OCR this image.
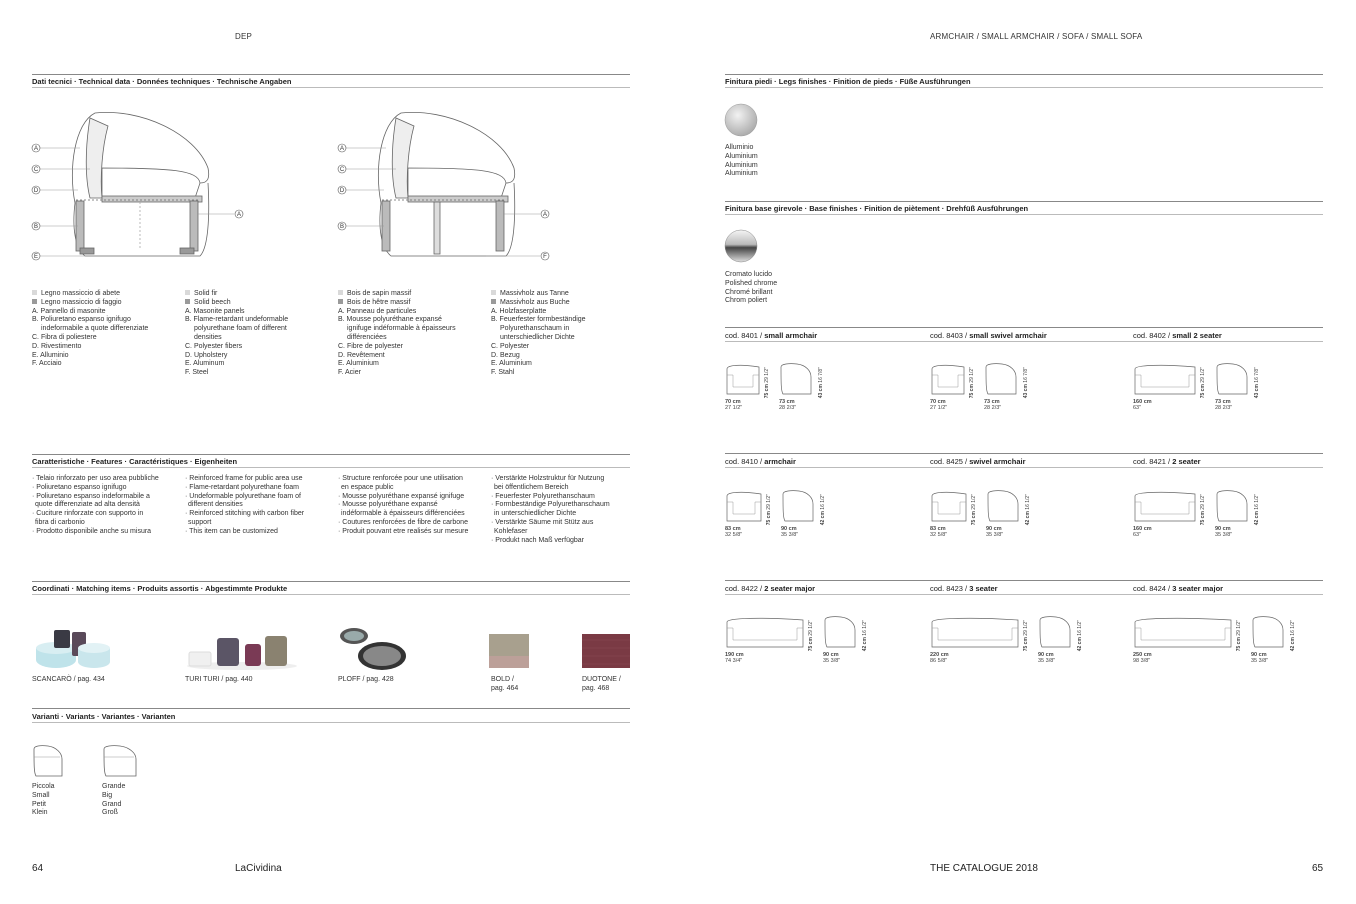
DEP	ARMCHAIR / SMALL ARMCHAIR / SOFA / SMALL SOFA
Dati tecnici · Technical data · Données techniques · Technische Angaben
A
C
D
B
E
A
A
C
D
B
A
F
Legno massiccio di abete
Legno massiccio di faggio
A. Pannello di masonite
B. Poliuretano espanso ignifugo
indeformabile a quote differenziate
C. Fibra di poliestere
D. Rivestimento
E. Alluminio
F. Acciaio
Solid fir
Solid beech
A. Masonite panels
B. Flame-retardant undeformable
polyurethane foam of different
densities
C. Polyester fibers
D. Upholstery
E. Aluminum
F. Steel
Bois de sapin massif
Bois de hêtre massif
A. Panneau de particules
B. Mousse polyuréthane expansé
ignifuge indéformable à épaisseurs
différenciées
C. Fibre de polyester
D. Revêtement
E. Aluminium
F. Acier
Massivholz aus Tanne
Massivholz aus Buche
A. Holzfaserplatte
B. Feuerfester formbeständige
Polyurethanschaum in
unterschiedlicher Dichte
C. Polyester
D. Bezug
E. Aluminium
F. Stahl
Caratteristiche · Features · Caractéristiques · Eigenheiten
· Telaio rinforzato per uso area pubbliche
· Poliuretano espanso ignifugo
· Poliuretano espanso indeformabile a
quote differenziate ad alta densità
· Cuciture rinforzate con supporto in
fibra di carbonio
· Prodotto disponibile anche su misura
· Reinforced frame for public area use
· Flame-retardant polyurethane foam
· Undeformable polyurethane foam of
different densities
· Reinforced stitching with carbon fiber
support
· This item can be customized
· Structure renforcée pour une utilisation
en espace public
· Mousse polyuréthane expansé ignifuge
· Mousse polyuréthane expansé
indéformable à épaisseurs différenciées
· Coutures renforcées de fibre de carbone
· Produit pouvant etre realisés sur mesure
· Verstärkte Holzstruktur für Nutzung
bei öffentlichem Bereich
· Feuerfester Polyurethanschaum
· Formbeständige Polyurethanschaum
in unterschiedlicher Dichte
· Verstärkte Säume mit Stütz aus
Kohlefaser
· Produkt nach Maß verfügbar
Coordinati · Matching items · Produits assortis · Abgestimmte Produkte
SCANCARÒ / pag. 434	TURI TURI / pag. 440	PLOFF / pag. 428	BOLD /
pag. 464
DUOTONE /
pag. 468
Varianti · Variants · Variantes · Varianten
Piccola
Small
Petit
Klein
Grande
Big
Grand
Groß
Finitura piedi · Legs finishes · Finition de pieds · Füße Ausführungen
Alluminio
Aluminium
Aluminium
Aluminium
Finitura base girevole · Base finishes · Finition de piètement · Drehfüß Ausführungen
Cromato lucido
Polished chrome
Chromé brillant
Chrom poliert
cod. 8401 / small armchair	cod. 8403 / small swivel armchair	cod. 8402 / small 2 seater
cod. 8410 / armchair	cod. 8425 / swivel armchair	cod. 8421 / 2 seater
cod. 8422 / 2 seater major	cod. 8423 / 3 seater	cod. 8424 / 3 seater major
75 cm 29 1/2"
43 cm 16 7/8"
70 cm
27 1/2"
73 cm
28 2/3"
75 cm 29 1/2"
43 cm 16 7/8"
70 cm
27 1/2"
73 cm
28 2/3"
75 cm 29 1/2"
43 cm 16 7/8"
160 cm
63"
73 cm
28 2/3"
75 cm 29 1/2"
42 cm 16 1/2"
83 cm
32 5/8"
90 cm
35 3/8"
75 cm 29 1/2"
42 cm 16 1/2"
83 cm
32 5/8"
90 cm
35 3/8"
75 cm 29 1/2"
42 cm 16 1/2"
160 cm
63"
90 cm
35 3/8"
75 cm 29 1/2"
42 cm 16 1/2"
190 cm
74 3/4"
90 cm
35 3/8"
75 cm 29 1/2"
42 cm 16 1/2"
220 cm
86 5/8"
90 cm
35 3/8"
75 cm 29 1/2"
42 cm 16 1/2"
250 cm
98 3/8"
90 cm
35 3/8"
64	LaCividina	THE CATALOGUE 2018	65
